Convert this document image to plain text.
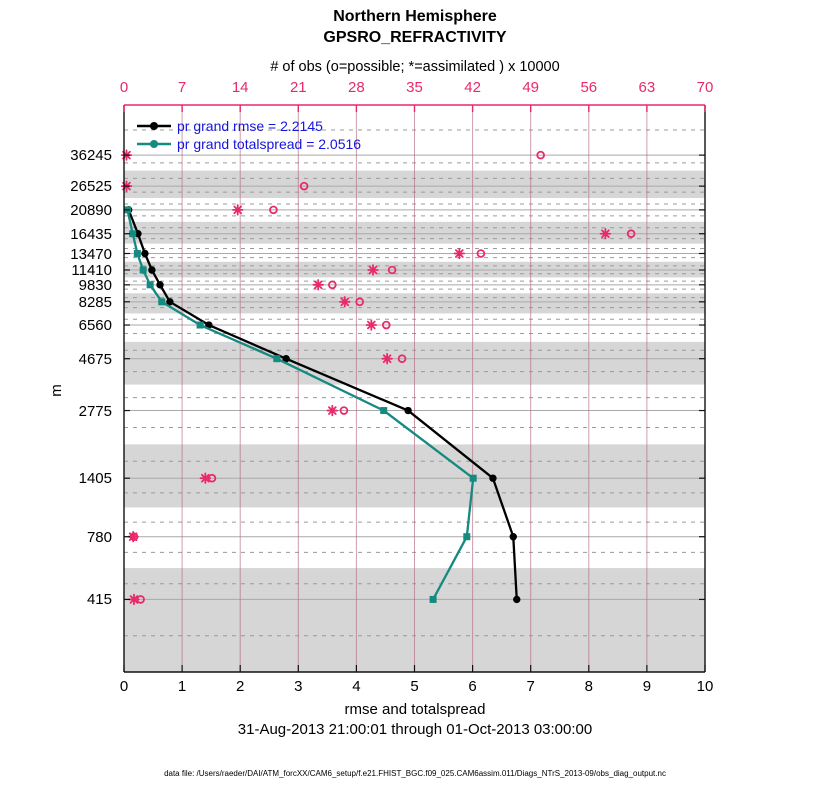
Northern Hemisphere
GPSRO_REFRACTIVITY
# of obs (o=possible; *=assimilated ) x 10000
m
rmse and totalspread
31-Aug-2013 21:00:01 through 01-Oct-2013 03:00:00
data file: /Users/raeder/DAI/ATM_forcXX/CAM6_setup/f.e21.FHIST_BGC.f09_025.CAM6assim.011/Diags_NTrS_2013-09/obs_diag_output.nc
pr grand rmse = 2.2145
pr grand totalspread = 2.0516
0	7	14	21	28	35	42	49	56	63	70
0	1	2	3	4	5	6	7	8	9	10
36245
26525
20890
16435
13470
11410
9830
8285
6560
4675
2775
1405
780
415
